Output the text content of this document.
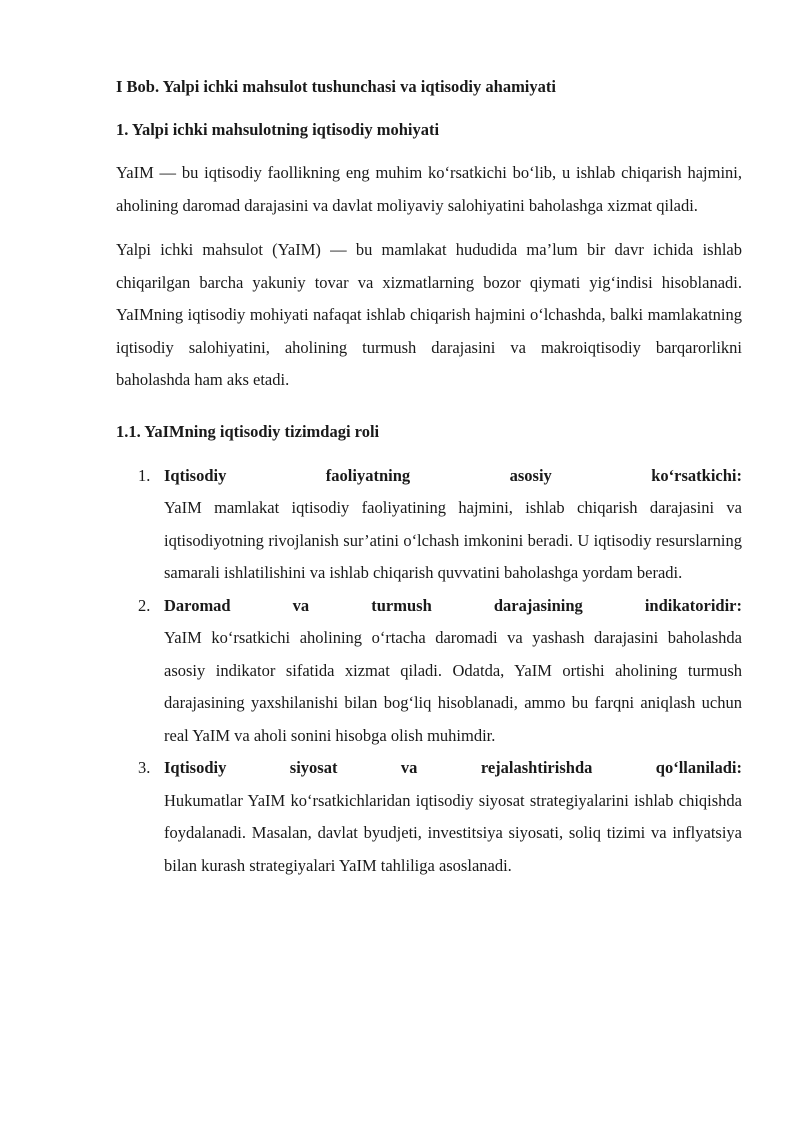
I Bob. Yalpi ichki mahsulot tushunchasi va iqtisodiy ahamiyati
1. Yalpi ichki mahsulotning iqtisodiy mohiyati

YaIM — bu iqtisodiy faollikning eng muhim ko‘rsatkichi bo‘lib, u ishlab chiqarish hajmini, aholining daromad darajasini va davlat moliyaviy salohiyatini baholashga xizmat qiladi.

Yalpi ichki mahsulot (YaIM) — bu mamlakat hududida ma’lum bir davr ichida ishlab chiqarilgan barcha yakuniy tovar va xizmatlarning bozor qiymati yig‘indisi hisoblanadi. YaIMning iqtisodiy mohiyati nafaqat ishlab chiqarish hajmini o‘lchashda, balki mamlakatning iqtisodiy salohiyatini, aholining turmush darajasini va makroiqtisodiy barqarorlikni baholashda ham aks etadi.

1.1. YaIMning iqtisodiy tizimdagi roli
1. Iqtisodiy faoliyatning asosiy ko‘rsatkichi:
YaIM mamlakat iqtisodiy faoliyatining hajmini, ishlab chiqarish darajasini va iqtisodiyotning rivojlanish sur’atini o‘lchash imkonini beradi. U iqtisodiy resurslarning samarali ishlatilishini va ishlab chiqarish quvvatini baholashga yordam beradi.
2. Daromad va turmush darajasining indikatoridir:
YaIM ko‘rsatkichi aholining o‘rtacha daromadi va yashash darajasini baholashda asosiy indikator sifatida xizmat qiladi. Odatda, YaIM ortishi aholining turmush darajasining yaxshilanishi bilan bog‘liq hisoblanadi, ammo bu farqni aniqlash uchun real YaIM va aholi sonini hisobga olish muhimdir.
3. Iqtisodiy siyosat va rejalashtirishda qo‘llaniladi:
Hukumatlar YaIM ko‘rsatkichlaridan iqtisodiy siyosat strategiyalarini ishlab chiqishda foydalanadi. Masalan, davlat byudjeti, investitsiya siyosati, soliq tizimi va inflyatsiya bilan kurash strategiyalari YaIM tahliliga asoslanadi.
